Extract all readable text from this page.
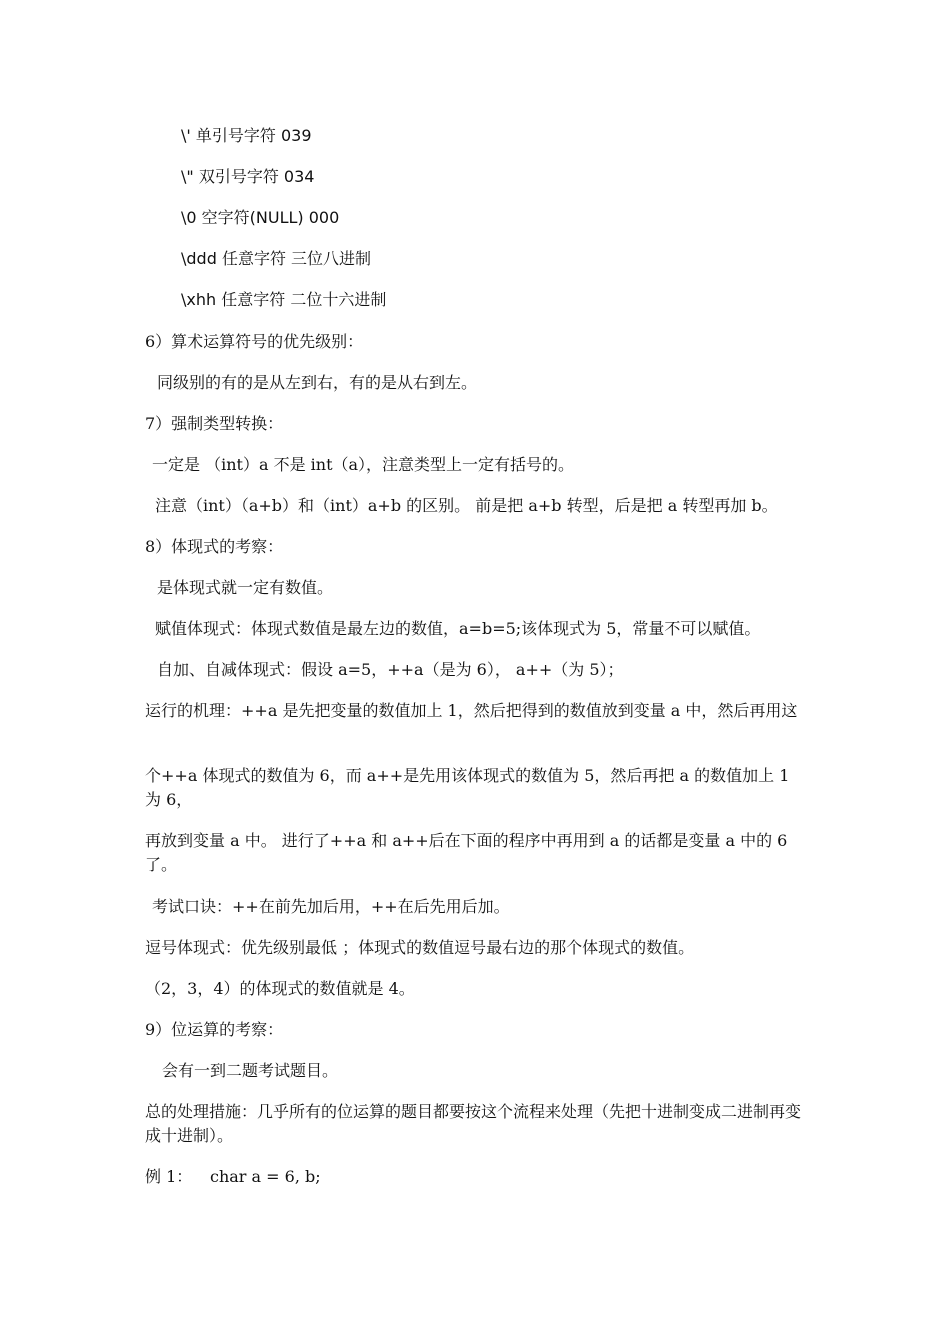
\' 单引号字符 039
\" 双引号字符 034
\0 空字符(NULL) 000
\ddd 任意字符 三位八进制
\xhh 任意字符 二位十六进制
6）算术运算符号的优先级别：
同级别的有的是从左到右，有的是从右到左。
7）强制类型转换：
一定是 （int）a 不是 int（a），注意类型上一定有括号的。
注意（int）（a+b）和（int）a+b 的区别。 前是把 a+b 转型，后是把 a 转型再加 b。
8）体现式的考察：
是体现式就一定有数值。
赋值体现式：体现式数值是最左边的数值，a=b=5;该体现式为 5，常量不可以赋值。
自加、自减体现式：假设 a=5，++a（是为 6）， a++（为 5）；
运行的机理：++a 是先把变量的数值加上 1，然后把得到的数值放到变量 a 中，然后再用这
个++a 体现式的数值为 6，而 a++是先用该体现式的数值为 5，然后再把 a 的数值加上 1 为 6，
再放到变量 a 中。 进行了++a 和 a++后在下面的程序中再用到 a 的话都是变量 a 中的 6 了。
考试口诀：++在前先加后用，++在后先用后加。
逗号体现式：优先级别最低 ；体现式的数值逗号最右边的那个体现式的数值。
（2，3，4）的体现式的数值就是 4。
9）位运算的考察：
会有一到二题考试题目。
总的处理措施：几乎所有的位运算的题目都要按这个流程来处理（先把十进制变成二进制再变成十进制）。
例 1： char a = 6, b;
